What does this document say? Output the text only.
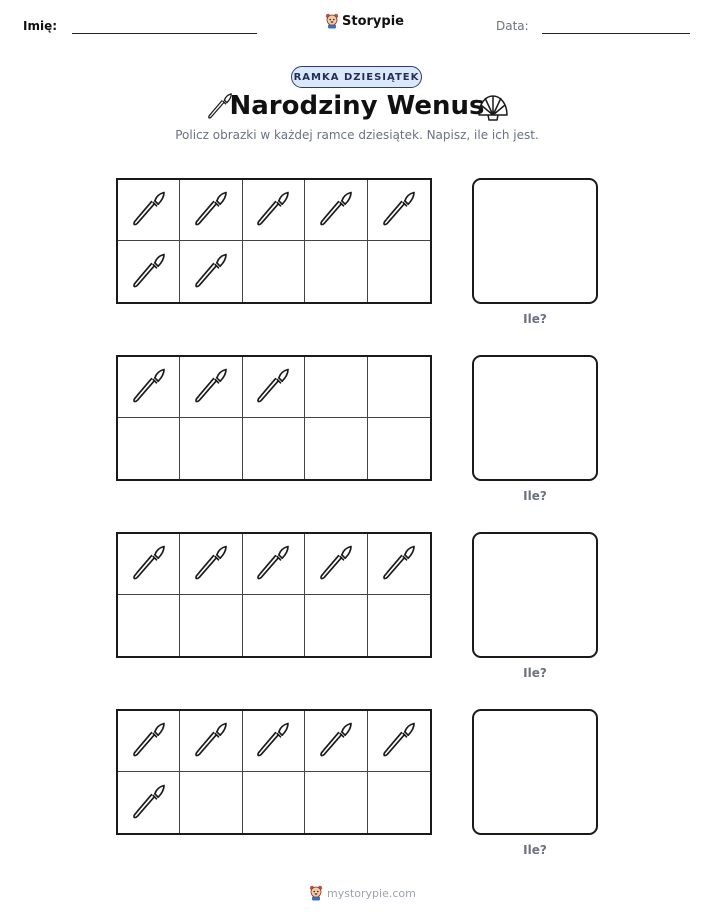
Imię:	Storypie	Data:
RAMKA DZIESIĄTEK
Narodziny Wenus
Policz obrazki w każdej ramce dziesiątek. Napisz, ile ich jest.
Ile?
Ile?
Ile?
Ile?
mystorypie.com
